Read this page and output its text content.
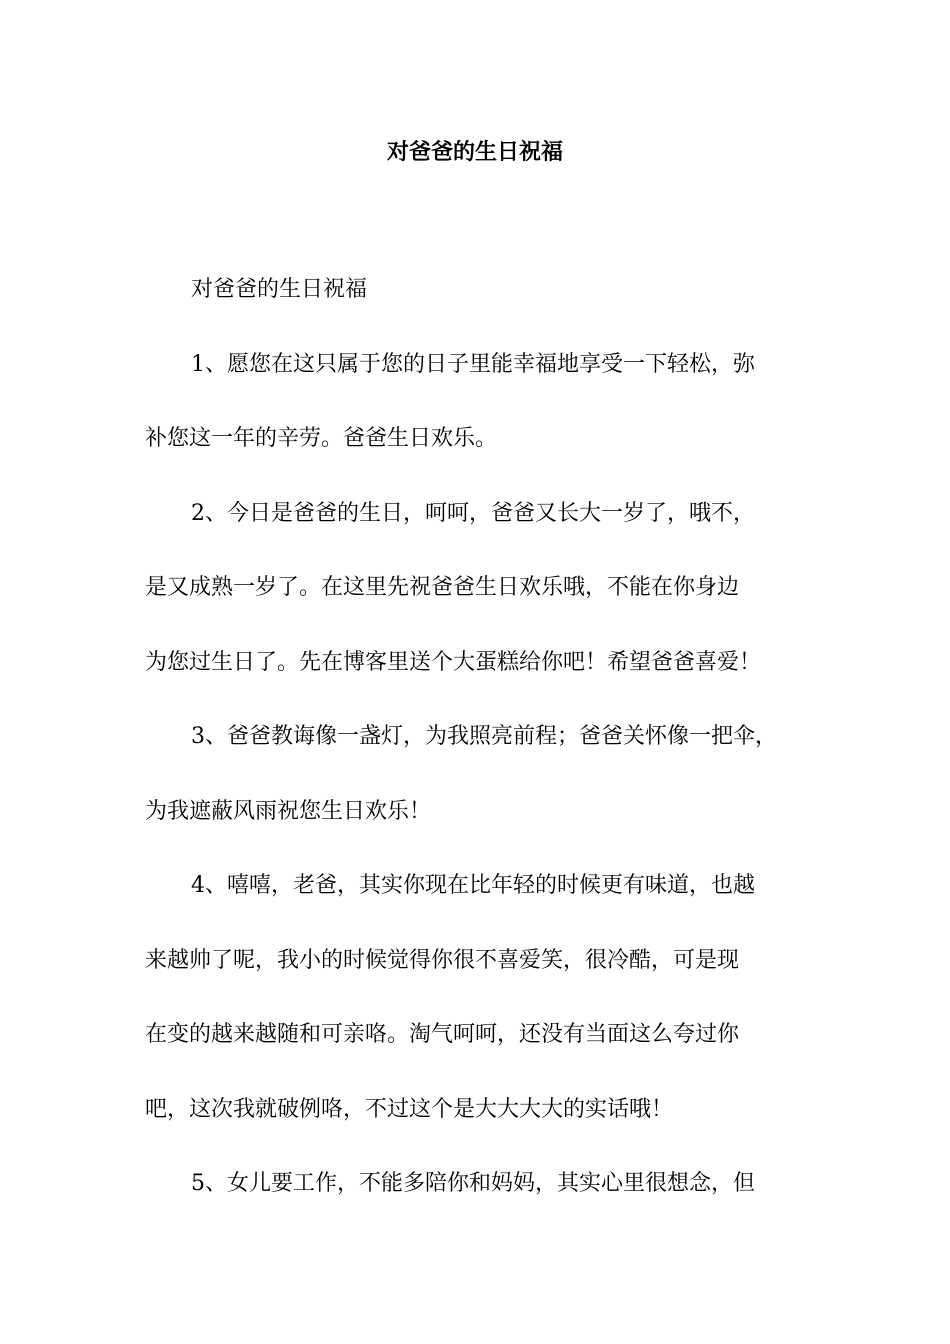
对爸爸的生日祝福
对爸爸的生日祝福
1、愿您在这只属于您的日子里能幸福地享受一下轻松，弥
补您这一年的辛劳。爸爸生日欢乐。
2、今日是爸爸的生日，呵呵，爸爸又长大一岁了，哦不，
是又成熟一岁了。在这里先祝爸爸生日欢乐哦，不能在你身边
为您过生日了。先在博客里送个大蛋糕给你吧！希望爸爸喜爱！
3、爸爸教诲像一盏灯，为我照亮前程；爸爸关怀像一把伞，
为我遮蔽风雨祝您生日欢乐！
4、嘻嘻，老爸，其实你现在比年轻的时候更有味道，也越
来越帅了呢，我小的时候觉得你很不喜爱笑，很冷酷，可是现
在变的越来越随和可亲咯。淘气呵呵，还没有当面这么夸过你
吧，这次我就破例咯，不过这个是大大大大的实话哦！
5、女儿要工作，不能多陪你和妈妈，其实心里很想念，但
